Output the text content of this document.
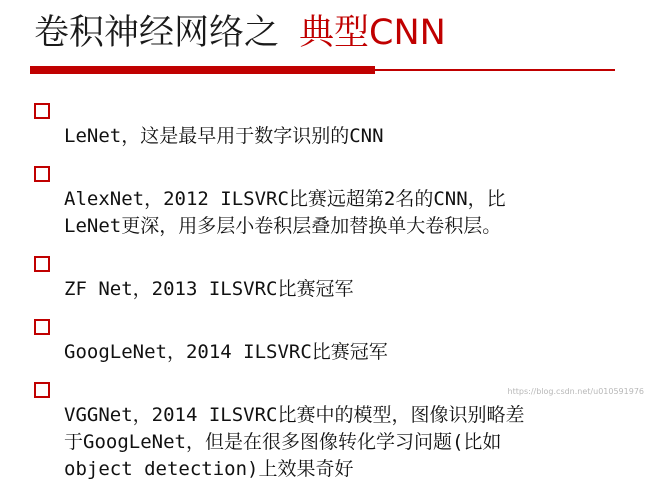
卷积神经网络之 典型CNN

LeNet，这是最早用于数字识别的CNN

AlexNet，2012 ILSVRC比赛远超第2名的CNN，比
LeNet更深，用多层小卷积层叠加替换单大卷积层。

ZF Net，2013 ILSVRC比赛冠军

GoogLeNet，2014 ILSVRC比赛冠军

VGGNet，2014 ILSVRC比赛中的模型，图像识别略差
于GoogLeNet，但是在很多图像转化学习问题(比如
object detection)上效果奇好

https://blog.csdn.net/u010591976
